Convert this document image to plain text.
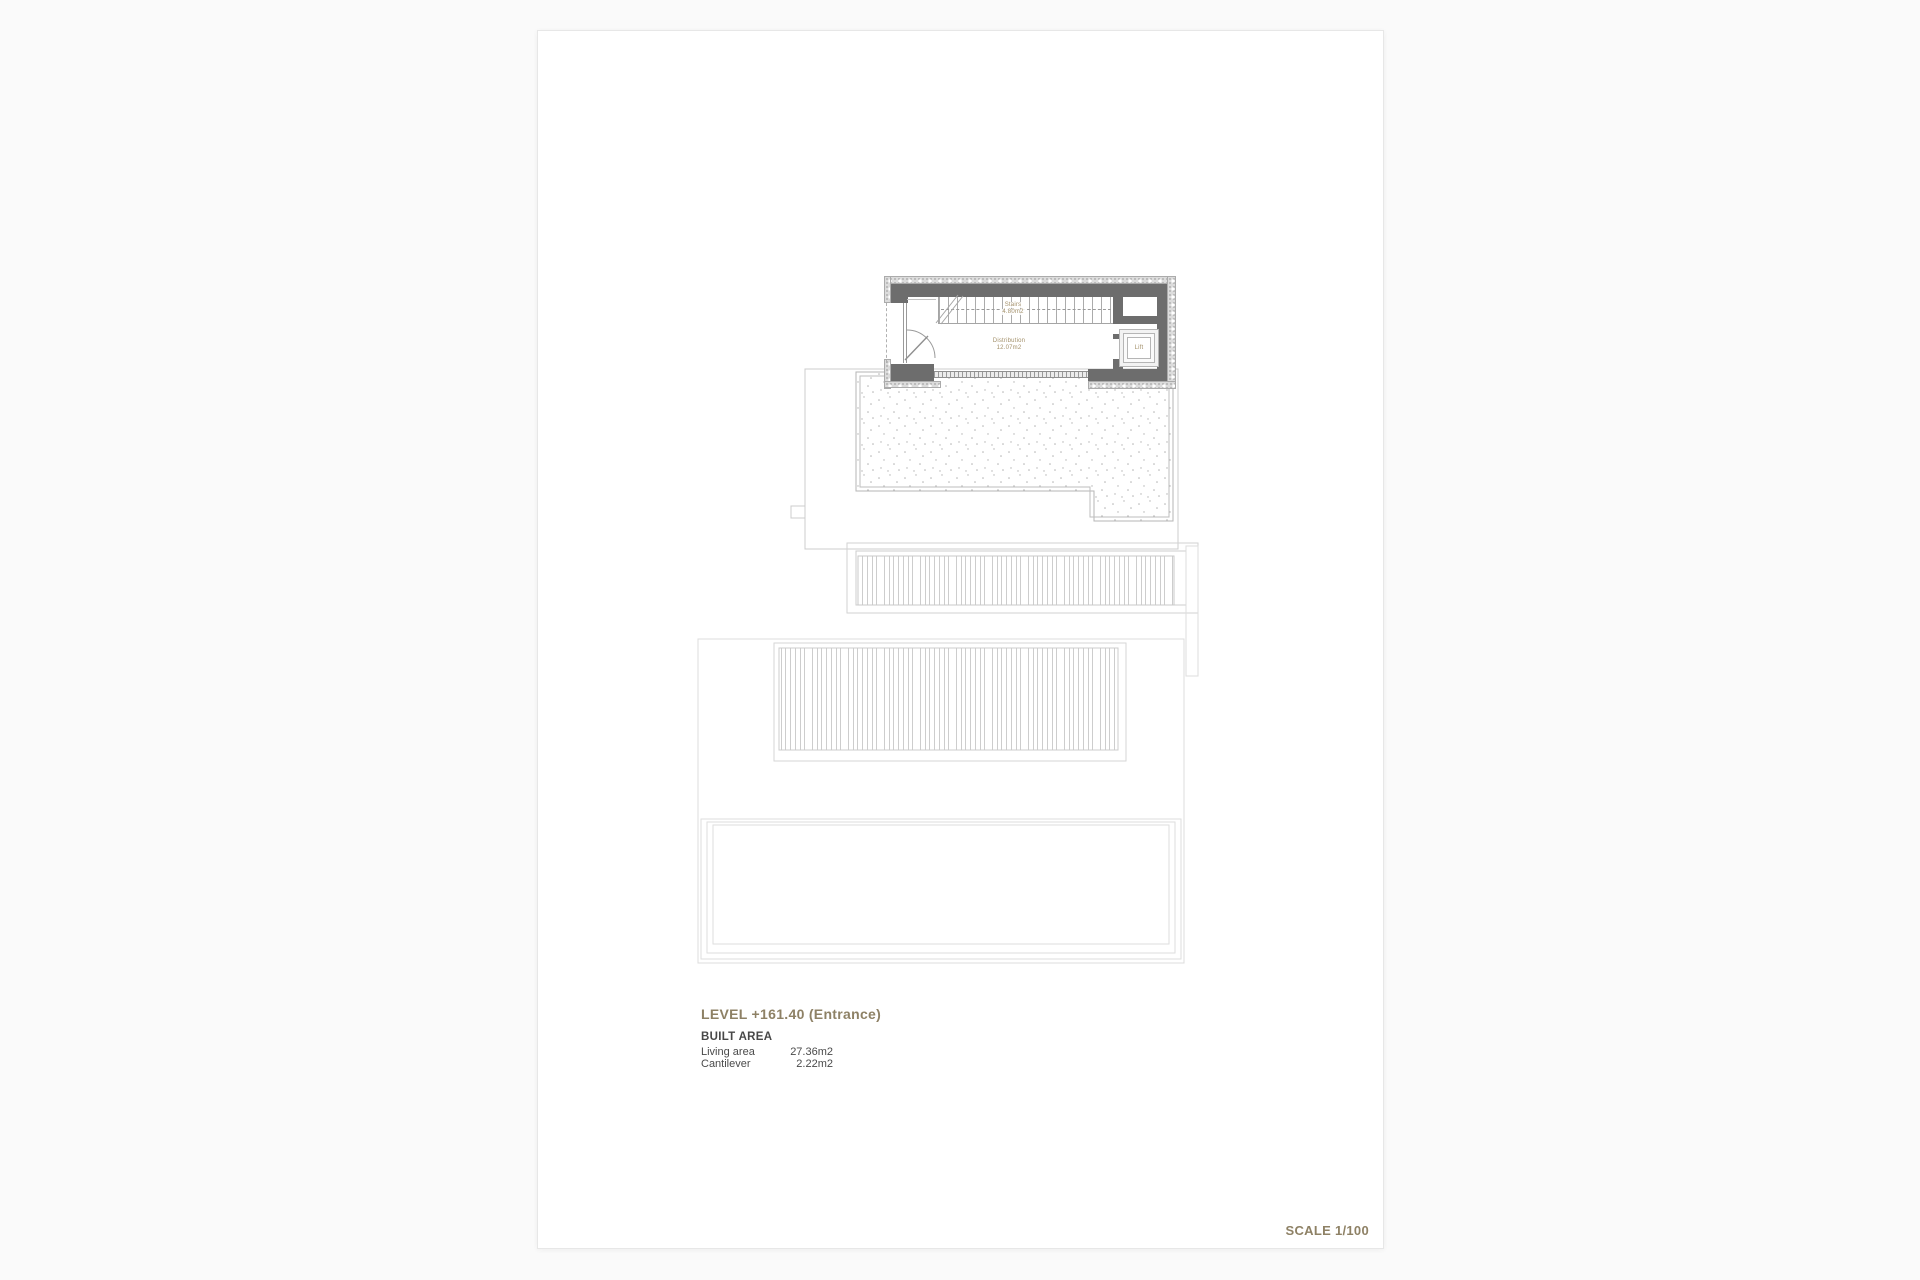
Stairs
4.80m2
Distribution
12.07m2	Lift
LEVEL +161.40 (Entrance)
BUILT AREA
Living area	27.36m2
Cantilever	2.22m2
SCALE 1/100
